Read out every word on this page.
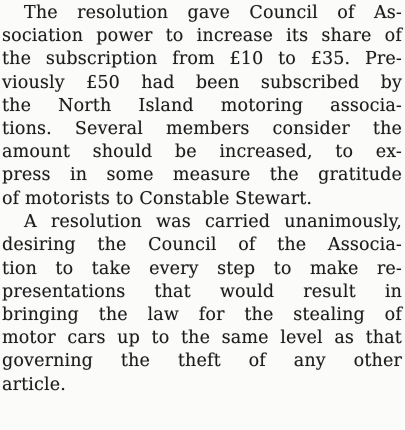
The resolution gave Council of As-
sociation power to increase its share of
the subscription from £10 to £35. Pre-
viously £50 had been subscribed by
the North Island motoring associa-
tions. Several members consider the
amount should be increased, to ex-
press in some measure the gratitude
of motorists to Constable Stewart.
A resolution was carried unanimously,
desiring the Council of the Associa-
tion to take every step to make re-
presentations that would result in
bringing the law for the stealing of
motor cars up to the same level as that
governing the theft of any other
article.
